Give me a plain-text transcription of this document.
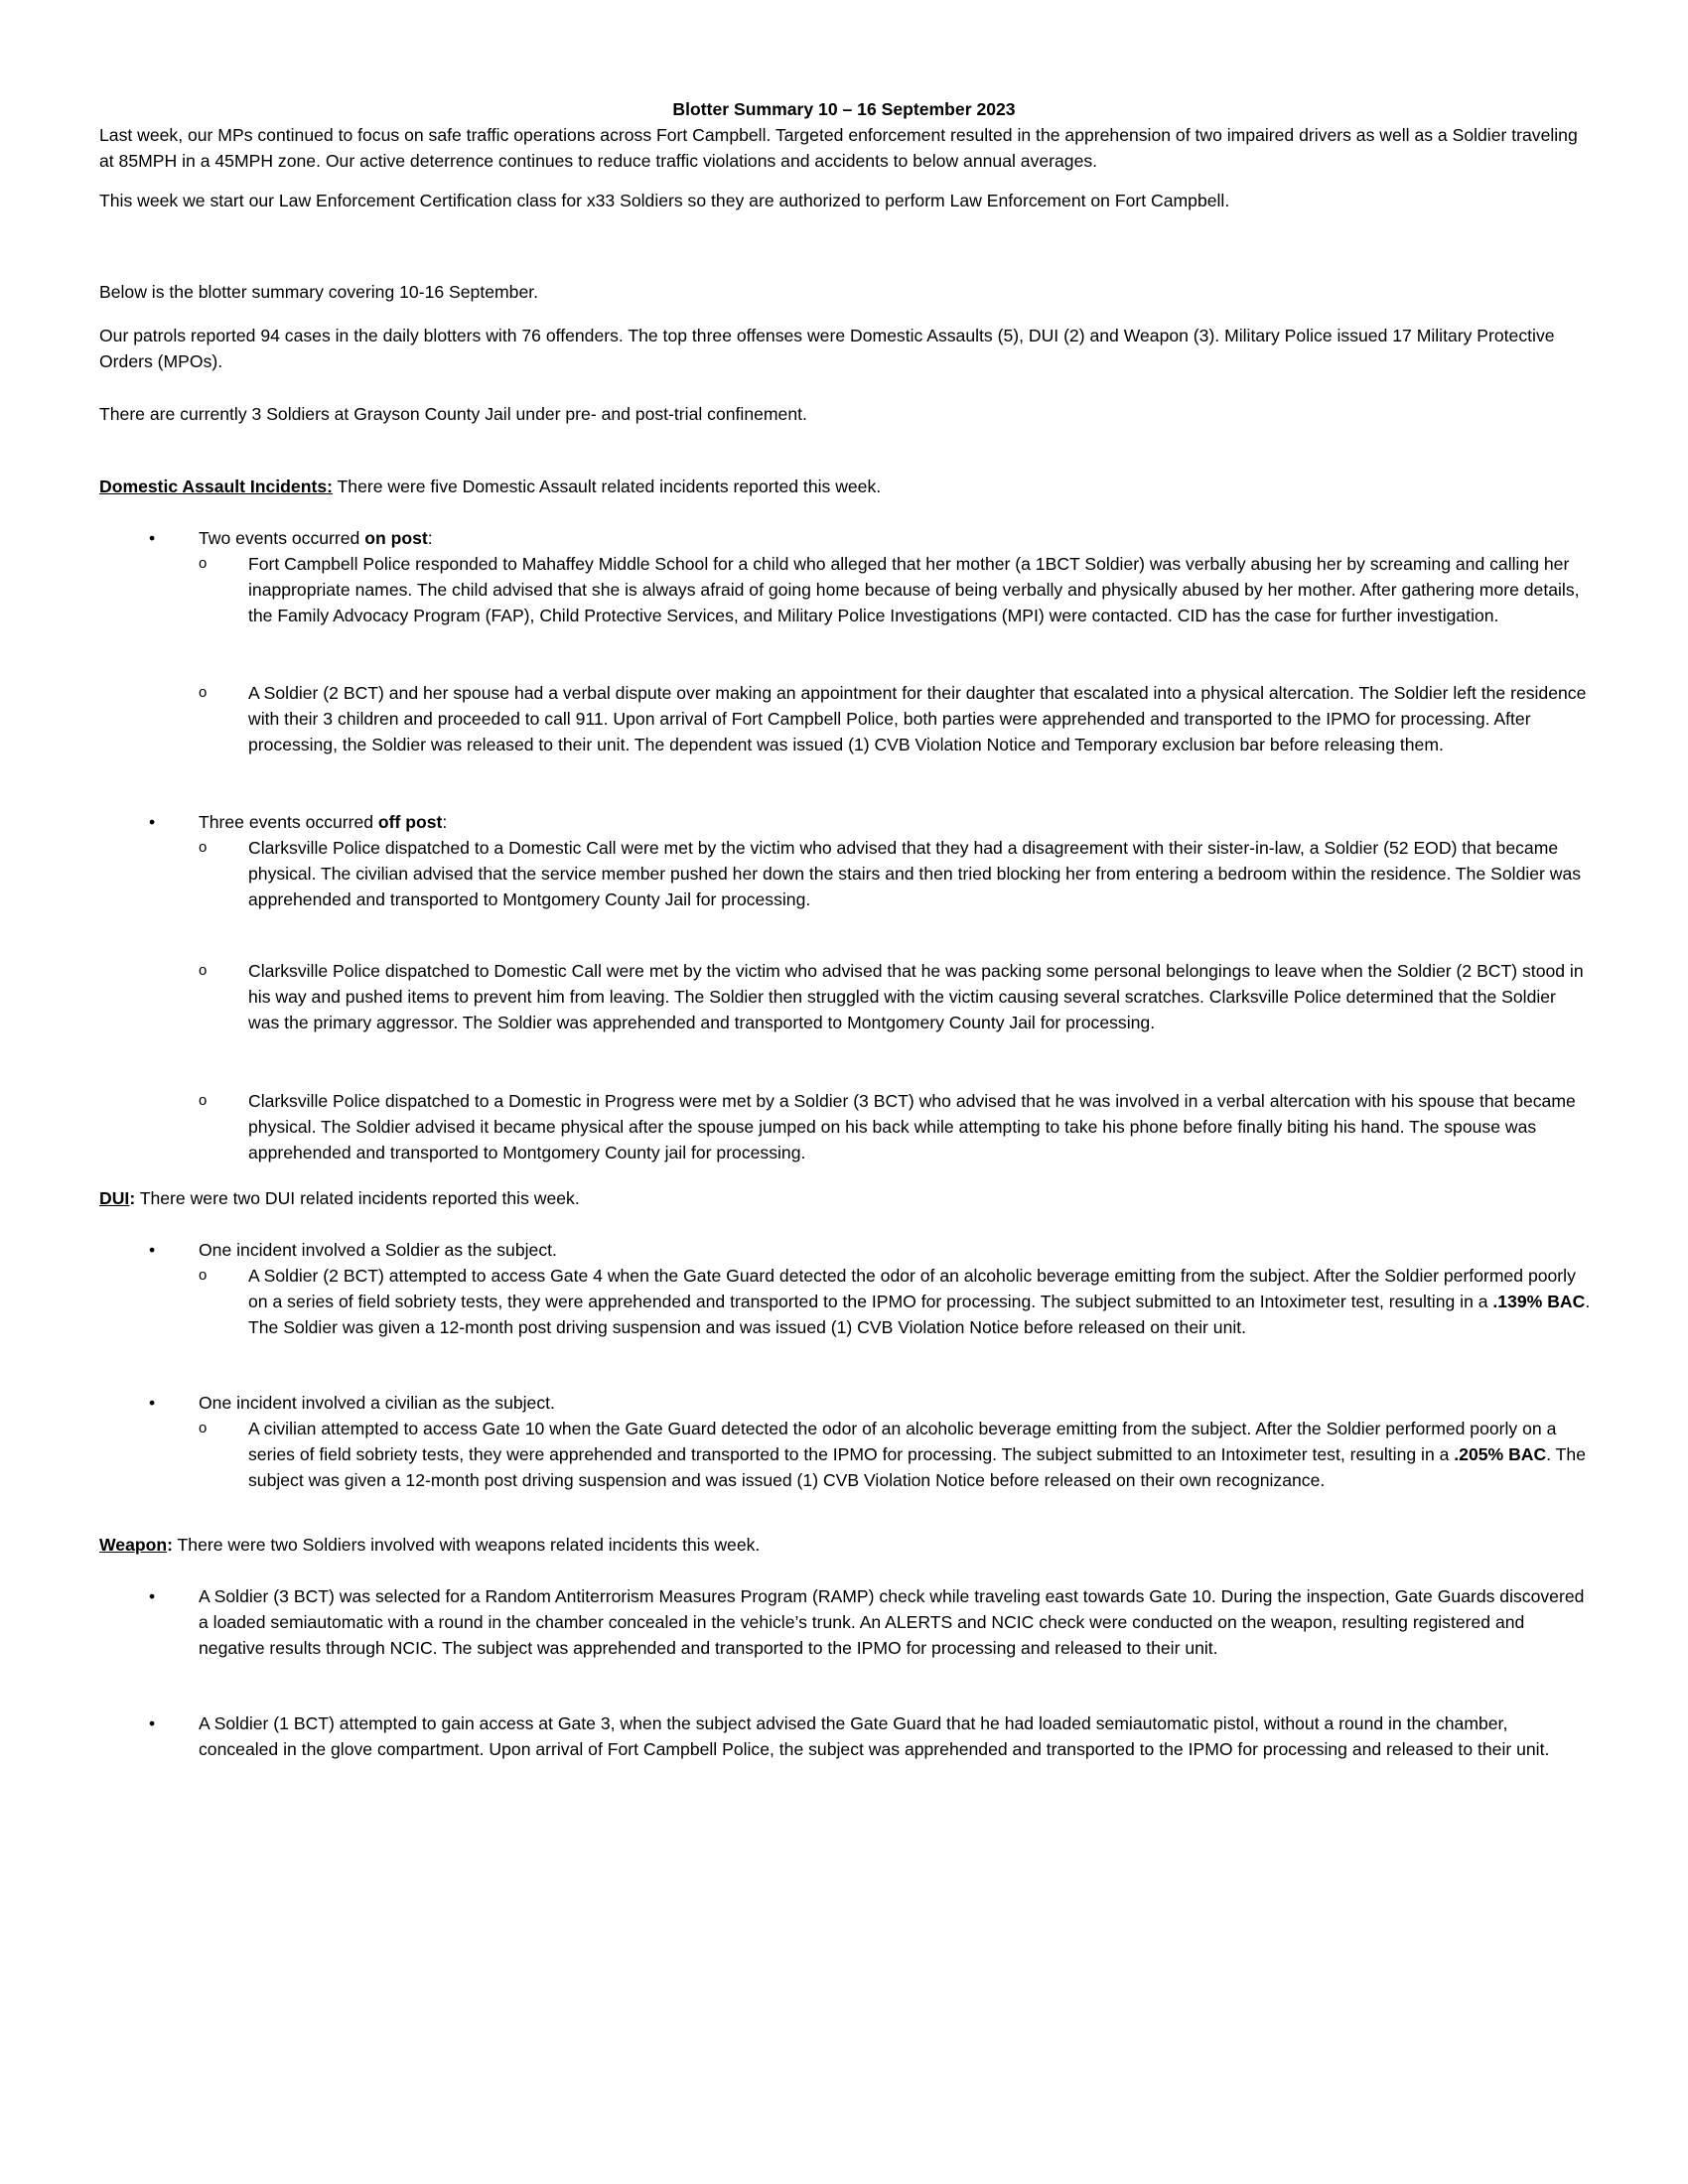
Blotter Summary 10 – 16 September 2023

Last week, our MPs continued to focus on safe traffic operations across Fort Campbell. Targeted enforcement resulted in the apprehension of two impaired drivers as well as a Soldier traveling at 85MPH in a 45MPH zone. Our active deterrence continues to reduce traffic violations and accidents to below annual averages.

This week we start our Law Enforcement Certification class for x33 Soldiers so they are authorized to perform Law Enforcement on Fort Campbell.

Below is the blotter summary covering 10-16 September.

Our patrols reported 94 cases in the daily blotters with 76 offenders. The top three offenses were Domestic Assaults (5), DUI (2) and Weapon (3). Military Police issued 17 Military Protective Orders (MPOs).

There are currently 3 Soldiers at Grayson County Jail under pre- and post-trial confinement.

Domestic Assault Incidents: There were five Domestic Assault related incidents reported this week.

• Two events occurred on post:
o Fort Campbell Police responded to Mahaffey Middle School for a child who alleged that her mother (a 1BCT Soldier) was verbally abusing her by screaming and calling her inappropriate names. The child advised that she is always afraid of going home because of being verbally and physically abused by her mother. After gathering more details, the Family Advocacy Program (FAP), Child Protective Services, and Military Police Investigations (MPI) were contacted. CID has the case for further investigation.
o A Soldier (2 BCT) and her spouse had a verbal dispute over making an appointment for their daughter that escalated into a physical altercation. The Soldier left the residence with their 3 children and proceeded to call 911. Upon arrival of Fort Campbell Police, both parties were apprehended and transported to the IPMO for processing. After processing, the Soldier was released to their unit. The dependent was issued (1) CVB Violation Notice and Temporary exclusion bar before releasing them.
• Three events occurred off post:
o Clarksville Police dispatched to a Domestic Call were met by the victim who advised that they had a disagreement with their sister-in-law, a Soldier (52 EOD) that became physical. The civilian advised that the service member pushed her down the stairs and then tried blocking her from entering a bedroom within the residence. The Soldier was apprehended and transported to Montgomery County Jail for processing.
o Clarksville Police dispatched to Domestic Call were met by the victim who advised that he was packing some personal belongings to leave when the Soldier (2 BCT) stood in his way and pushed items to prevent him from leaving. The Soldier then struggled with the victim causing several scratches. Clarksville Police determined that the Soldier was the primary aggressor. The Soldier was apprehended and transported to Montgomery County Jail for processing.
o Clarksville Police dispatched to a Domestic in Progress were met by a Soldier (3 BCT) who advised that he was involved in a verbal altercation with his spouse that became physical. The Soldier advised it became physical after the spouse jumped on his back while attempting to take his phone before finally biting his hand. The spouse was apprehended and transported to Montgomery County jail for processing.

DUI: There were two DUI related incidents reported this week.

• One incident involved a Soldier as the subject.
o A Soldier (2 BCT) attempted to access Gate 4 when the Gate Guard detected the odor of an alcoholic beverage emitting from the subject. After the Soldier performed poorly on a series of field sobriety tests, they were apprehended and transported to the IPMO for processing. The subject submitted to an Intoximeter test, resulting in a .139% BAC. The Soldier was given a 12-month post driving suspension and was issued (1) CVB Violation Notice before released on their unit.
• One incident involved a civilian as the subject.
o A civilian attempted to access Gate 10 when the Gate Guard detected the odor of an alcoholic beverage emitting from the subject. After the Soldier performed poorly on a series of field sobriety tests, they were apprehended and transported to the IPMO for processing. The subject submitted to an Intoximeter test, resulting in a .205% BAC. The subject was given a 12-month post driving suspension and was issued (1) CVB Violation Notice before released on their own recognizance.

Weapon: There were two Soldiers involved with weapons related incidents this week.

• A Soldier (3 BCT) was selected for a Random Antiterrorism Measures Program (RAMP) check while traveling east towards Gate 10. During the inspection, Gate Guards discovered a loaded semiautomatic with a round in the chamber concealed in the vehicle’s trunk. An ALERTS and NCIC check were conducted on the weapon, resulting registered and negative results through NCIC. The subject was apprehended and transported to the IPMO for processing and released to their unit.
• A Soldier (1 BCT) attempted to gain access at Gate 3, when the subject advised the Gate Guard that he had loaded semiautomatic pistol, without a round in the chamber, concealed in the glove compartment. Upon arrival of Fort Campbell Police, the subject was apprehended and transported to the IPMO for processing and released to their unit.
